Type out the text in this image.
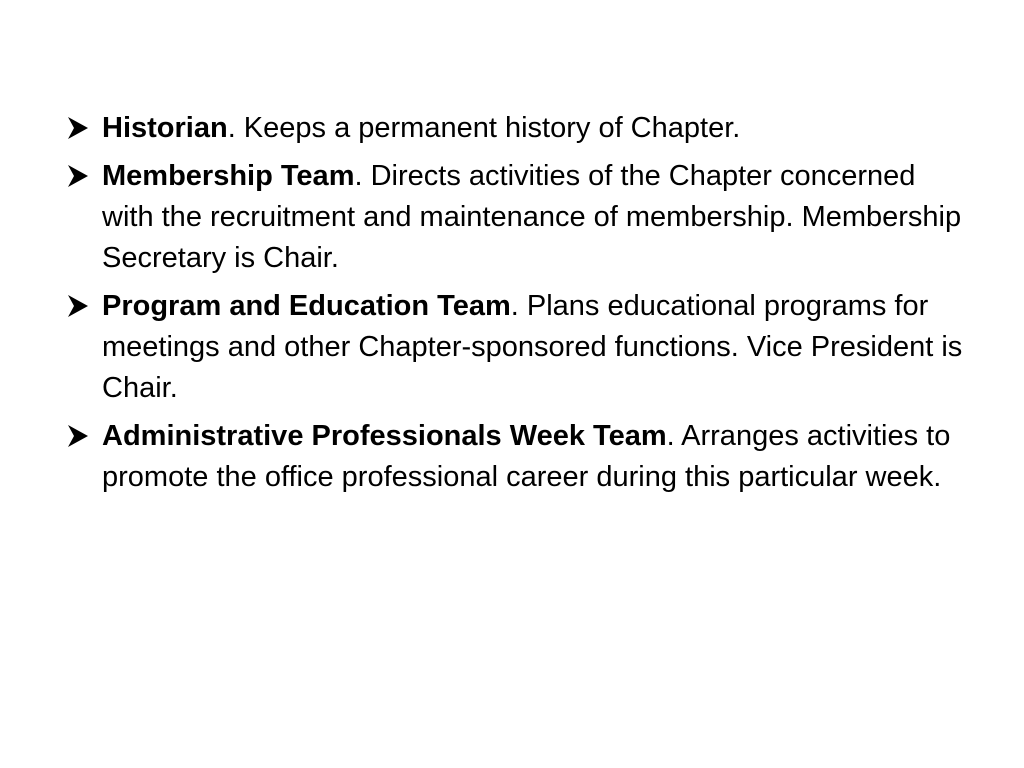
Historian. Keeps a permanent history of Chapter.
Membership Team. Directs activities of the Chapter concerned with the recruitment and maintenance of membership. Membership Secretary is Chair.
Program and Education Team. Plans educational programs for meetings and other Chapter-sponsored functions. Vice President is Chair.
Administrative Professionals Week Team. Arranges activities to promote the office professional career during this particular week.
